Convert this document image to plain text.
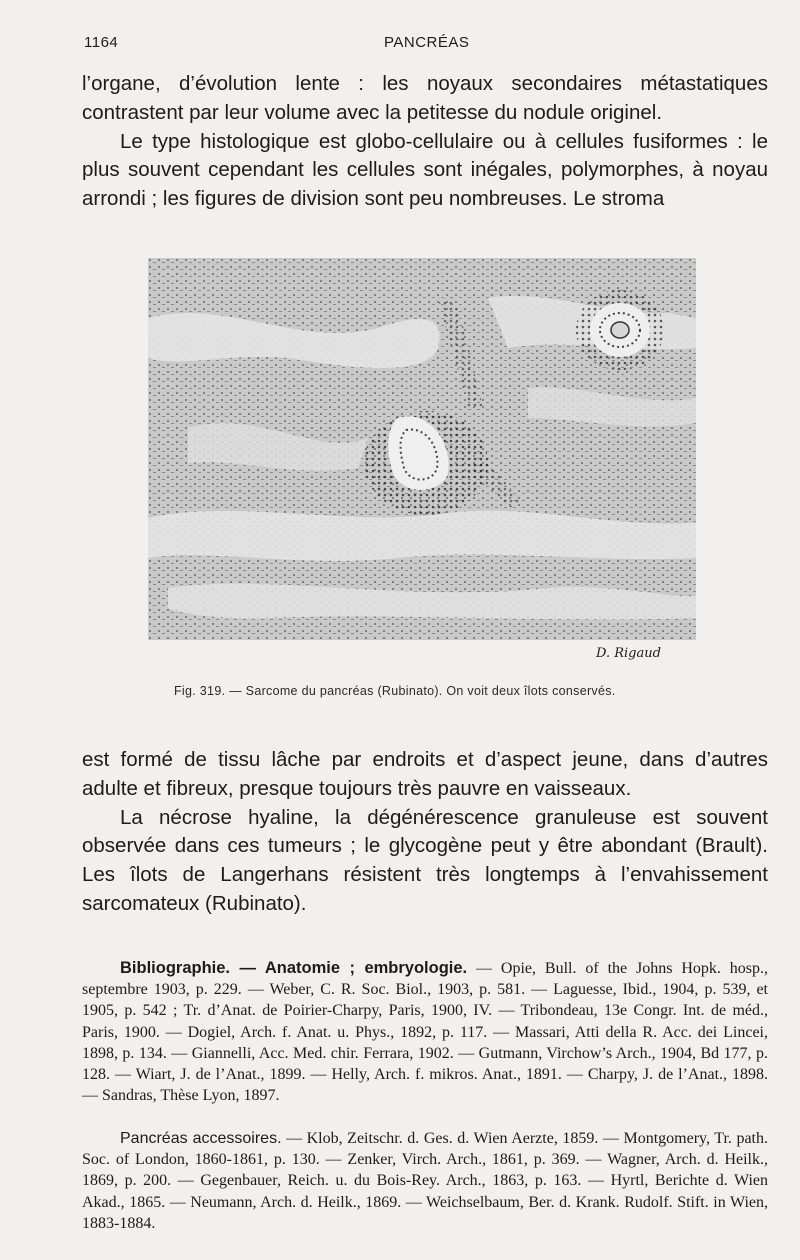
1164	PANCRÉAS

l’organe, d’évolution lente : les noyaux secondaires métastatiques contrastent par leur volume avec la petitesse du nodule originel.

Le type histologique est globo-cellulaire ou à cellules fusiformes : le plus souvent cependant les cellules sont inégales, polymorphes, à noyau arrondi ; les figures de division sont peu nombreuses. Le stroma

D. Rigaud
Fig. 319. — Sarcome du pancréas (Rubinato). On voit deux îlots conservés.

est formé de tissu lâche par endroits et d’aspect jeune, dans d’autres adulte et fibreux, presque toujours très pauvre en vaisseaux.

La nécrose hyaline, la dégénérescence granuleuse est souvent observée dans ces tumeurs ; le glycogène peut y être abondant (Brault). Les îlots de Langerhans résistent très longtemps à l’envahissement sarcomateux (Rubinato).

Bibliographie. — Anatomie ; embryologie. — Opie, Bull. of the Johns Hopk. hosp., septembre 1903, p. 229. — Weber, C. R. Soc. Biol., 1903, p. 581. — Laguesse, Ibid., 1904, p. 539, et 1905, p. 542 ; Tr. d’Anat. de Poirier-Charpy, Paris, 1900, IV. — Tribondeau, 13e Congr. Int. de méd., Paris, 1900. — Dogiel, Arch. f. Anat. u. Phys., 1892, p. 117. — Massari, Atti della R. Acc. dei Lincei, 1898, p. 134. — Giannelli, Acc. Med. chir. Ferrara, 1902. — Gutmann, Virchow’s Arch., 1904, Bd 177, p. 128. — Wiart, J. de l’Anat., 1899. — Helly, Arch. f. mikros. Anat., 1891. — Charpy, J. de l’Anat., 1898. — Sandras, Thèse Lyon, 1897.

Pancréas accessoires. — Klob, Zeitschr. d. Ges. d. Wien Aerzte, 1859. — Montgomery, Tr. path. Soc. of London, 1860-1861, p. 130. — Zenker, Virch. Arch., 1861, p. 369. — Wagner, Arch. d. Heilk., 1869, p. 200. — Gegenbauer, Reich. u. du Bois-Rey. Arch., 1863, p. 163. — Hyrtl, Berichte d. Wien Akad., 1865. — Neumann, Arch. d. Heilk., 1869. — Weichselbaum, Ber. d. Krank. Rudolf. Stift. in Wien, 1883-1884.
